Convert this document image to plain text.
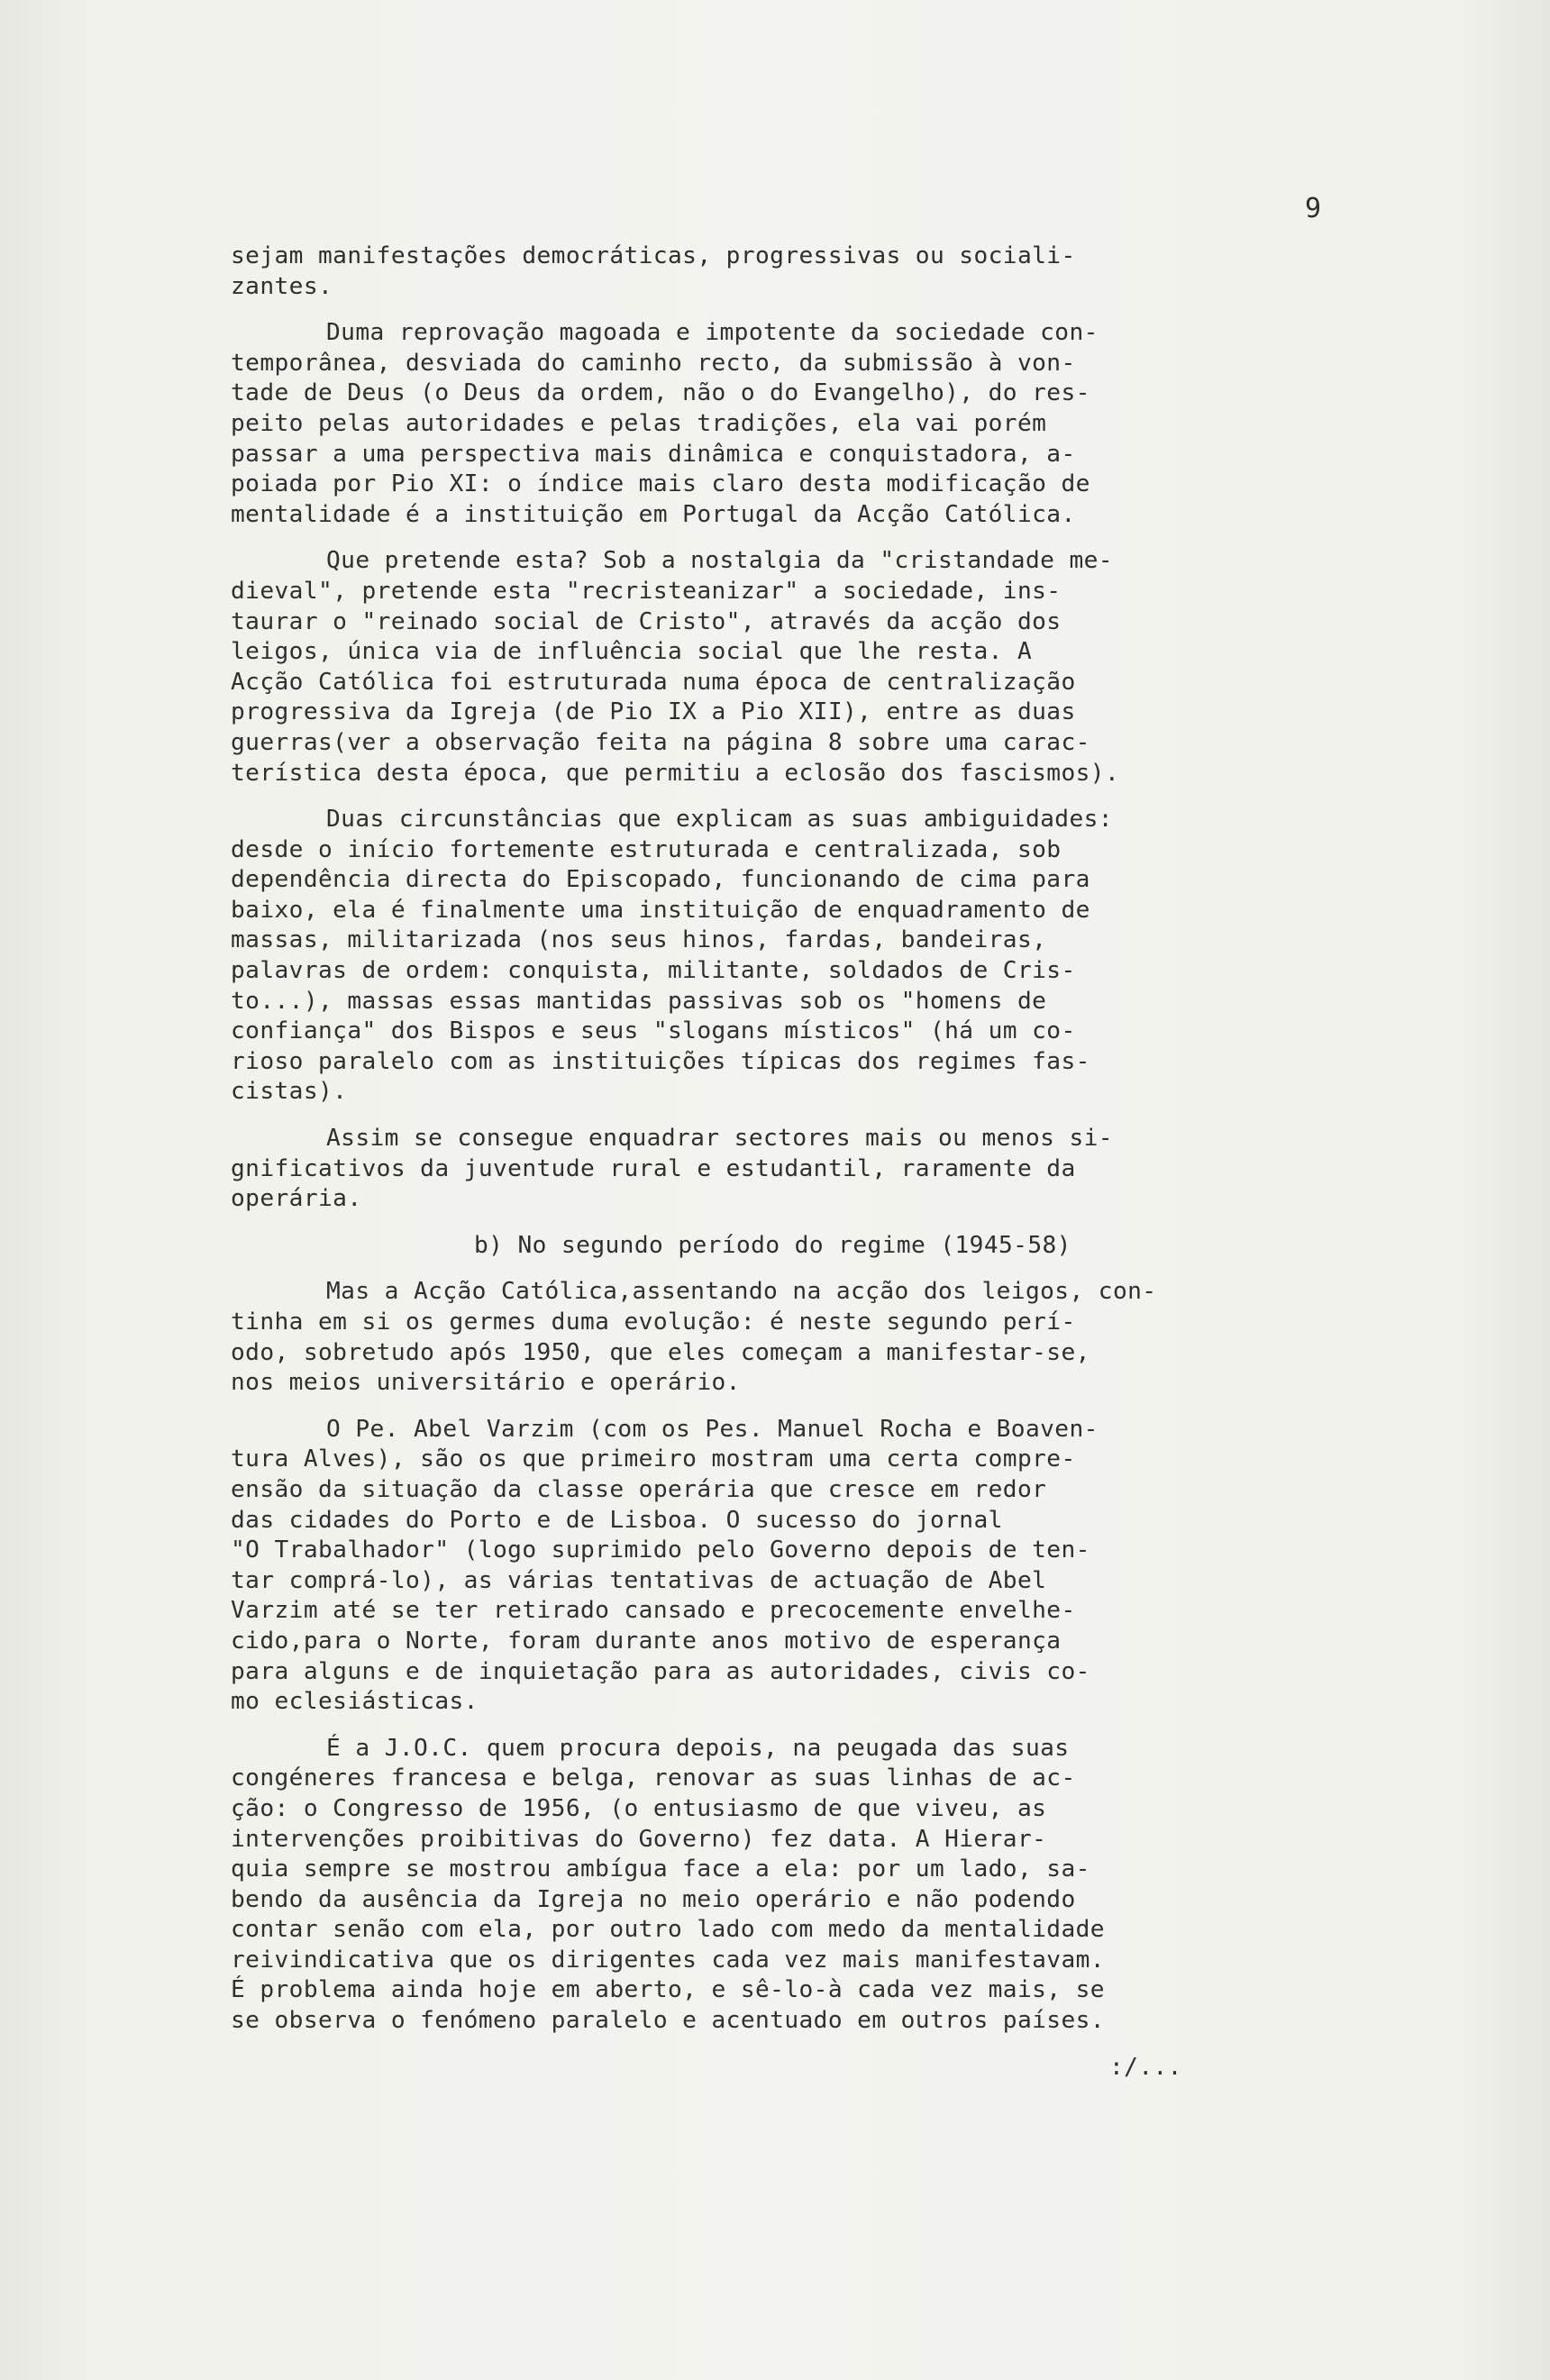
9
sejam manifestações democráticas, progressivas ou sociali-
zantes.
Duma reprovação magoada e impotente da sociedade con-
temporânea, desviada do caminho recto, da submissão à von-
tade de Deus (o Deus da ordem, não o do Evangelho), do res-
peito pelas autoridades e pelas tradições, ela vai porém
passar a uma perspectiva mais dinâmica e conquistadora, a-
poiada por Pio XI: o índice mais claro desta modificação de
mentalidade é a instituição em Portugal da Acção Católica.
Que pretende esta? Sob a nostalgia da "cristandade me-
dieval", pretende esta "recristeanizar" a sociedade, ins-
taurar o "reinado social de Cristo", através da acção dos
leigos, única via de influência social que lhe resta. A
Acção Católica foi estruturada numa época de centralização
progressiva da Igreja (de Pio IX a Pio XII), entre as duas
guerras(ver a observação feita na página 8 sobre uma carac-
terística desta época, que permitiu a eclosão dos fascismos).
Duas circunstâncias que explicam as suas ambiguidades:
desde o início fortemente estruturada e centralizada, sob
dependência directa do Episcopado, funcionando de cima para
baixo, ela é finalmente uma instituição de enquadramento de
massas, militarizada (nos seus hinos, fardas, bandeiras,
palavras de ordem: conquista, militante, soldados de Cris-
to...), massas essas mantidas passivas sob os "homens de
confiança" dos Bispos e seus "slogans místicos" (há um co-
rioso paralelo com as instituições típicas dos regimes fas-
cistas).
Assim se consegue enquadrar sectores mais ou menos si-
gnificativos da juventude rural e estudantil, raramente da
operária.
b) No segundo período do regime (1945-58)
Mas a Acção Católica,assentando na acção dos leigos, con-
tinha em si os germes duma evolução: é neste segundo perí-
odo, sobretudo após 1950, que eles começam a manifestar-se,
nos meios universitário e operário.
O Pe. Abel Varzim (com os Pes. Manuel Rocha e Boaven-
tura Alves), são os que primeiro mostram uma certa compre-
ensão da situação da classe operária que cresce em redor
das cidades do Porto e de Lisboa. O sucesso do jornal
"O Trabalhador" (logo suprimido pelo Governo depois de ten-
tar comprá-lo), as várias tentativas de actuação de Abel
Varzim até se ter retirado cansado e precocemente envelhe-
cido,para o Norte, foram durante anos motivo de esperança
para alguns e de inquietação para as autoridades, civis co-
mo eclesiásticas.
É a J.O.C. quem procura depois, na peugada das suas
congéneres francesa e belga, renovar as suas linhas de ac-
ção: o Congresso de 1956, (o entusiasmo de que viveu, as
intervenções proibitivas do Governo) fez data. A Hierar-
quia sempre se mostrou ambígua face a ela: por um lado, sa-
bendo da ausência da Igreja no meio operário e não podendo
contar senão com ela, por outro lado com medo da mentalidade
reivindicativa que os dirigentes cada vez mais manifestavam.
É problema ainda hoje em aberto, e sê-lo-à cada vez mais, se
se observa o fenómeno paralelo e acentuado em outros países.
:/...
